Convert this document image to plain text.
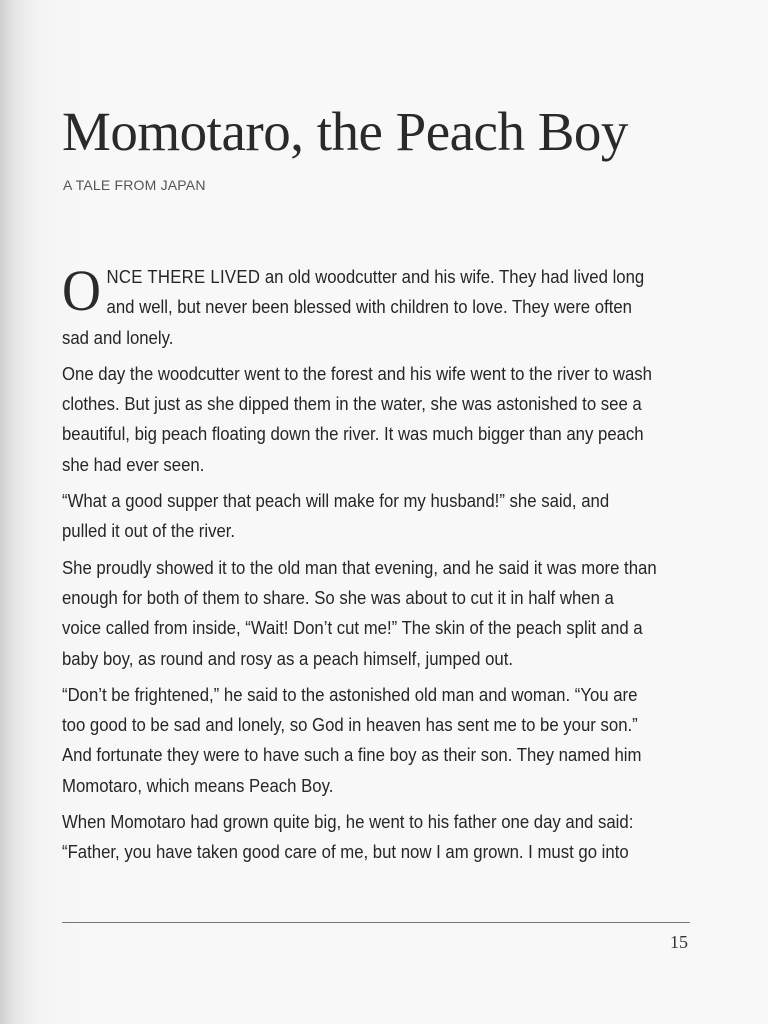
Momotaro, the Peach Boy
A TALE FROM JAPAN

ONCE THERE LIVED an old woodcutter and his wife. They had lived long and well, but never been blessed with children to love. They were often sad and lonely.

One day the woodcutter went to the forest and his wife went to the river to wash clothes. But just as she dipped them in the water, she was astonished to see a beautiful, big peach floating down the river. It was much bigger than any peach she had ever seen.

“What a good supper that peach will make for my husband!” she said, and pulled it out of the river.

She proudly showed it to the old man that evening, and he said it was more than enough for both of them to share. So she was about to cut it in half when a voice called from inside, “Wait! Don’t cut me!” The skin of the peach split and a baby boy, as round and rosy as a peach himself, jumped out.

“Don’t be frightened,” he said to the astonished old man and woman. “You are too good to be sad and lonely, so God in heaven has sent me to be your son.” And fortunate they were to have such a fine boy as their son. They named him Momotaro, which means Peach Boy.

When Momotaro had grown quite big, he went to his father one day and said: “Father, you have taken good care of me, but now I am grown. I must go into

15
